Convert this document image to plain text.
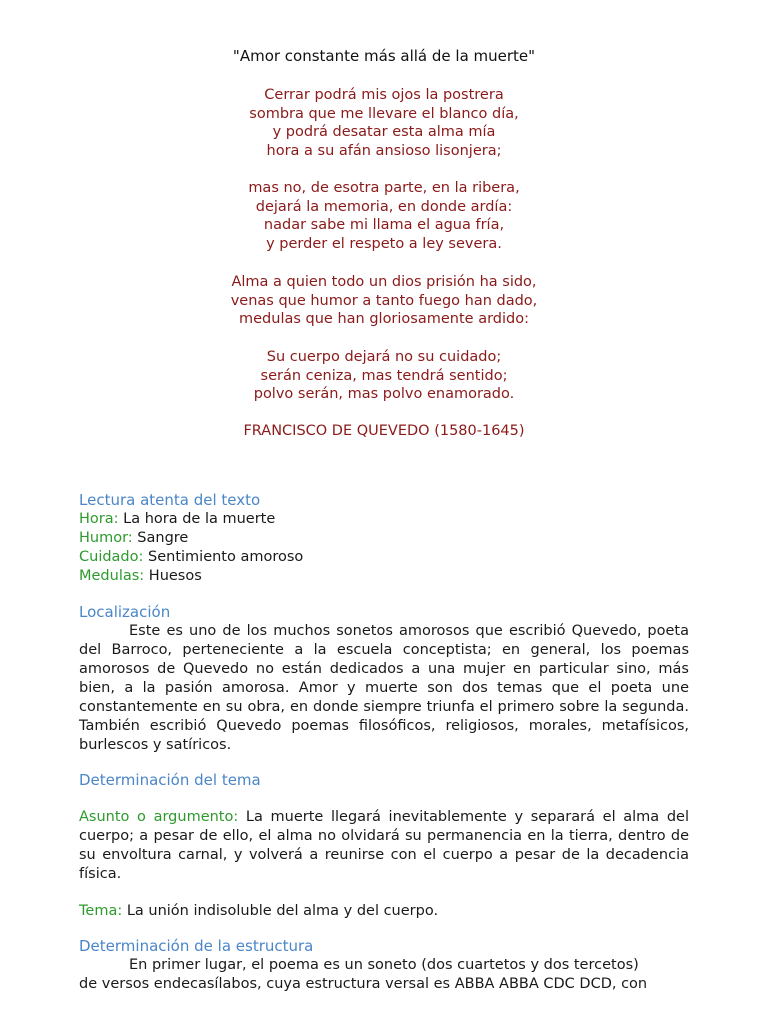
"Amor constante más allá de la muerte"
Cerrar podrá mis ojos la postrera
sombra que me llevare el blanco día,
y podrá desatar esta alma mía
hora a su afán ansioso lisonjera;
mas no, de esotra parte, en la ribera,
dejará la memoria, en donde ardía:
nadar sabe mi llama el agua fría,
y perder el respeto a ley severa.
Alma a quien todo un dios prisión ha sido,
venas que humor a tanto fuego han dado,
medulas que han gloriosamente ardido:
Su cuerpo dejará no su cuidado;
serán ceniza, mas tendrá sentido;
polvo serán, mas polvo enamorado.
FRANCISCO DE QUEVEDO (1580-1645)
Lectura atenta del texto
Hora: La hora de la muerte
Humor: Sangre
Cuidado: Sentimiento amoroso
Medulas: Huesos
Localización

Este es uno de los muchos sonetos amorosos que escribió Quevedo, poeta del Barroco, perteneciente a la escuela conceptista; en general, los poemas amorosos de Quevedo no están dedicados a una mujer en particular sino, más bien, a la pasión amorosa. Amor y muerte son dos temas que el poeta une constantemente en su obra, en donde siempre triunfa el primero sobre la segunda. También escribió Quevedo poemas filosóficos, religiosos, morales, metafísicos, burlescos y satíricos.

Determinación del tema

Asunto o argumento: La muerte llegará inevitablemente y separará el alma del cuerpo; a pesar de ello, el alma no olvidará su permanencia en la tierra, dentro de su envoltura carnal, y volverá a reunirse con el cuerpo a pesar de la decadencia física.

Tema: La unión indisoluble del alma y del cuerpo.

Determinación de la estructura
En primer lugar, el poema es un soneto (dos cuartetos y dos tercetos)
de versos endecasílabos, cuya estructura versal es ABBA ABBA CDC DCD, con
